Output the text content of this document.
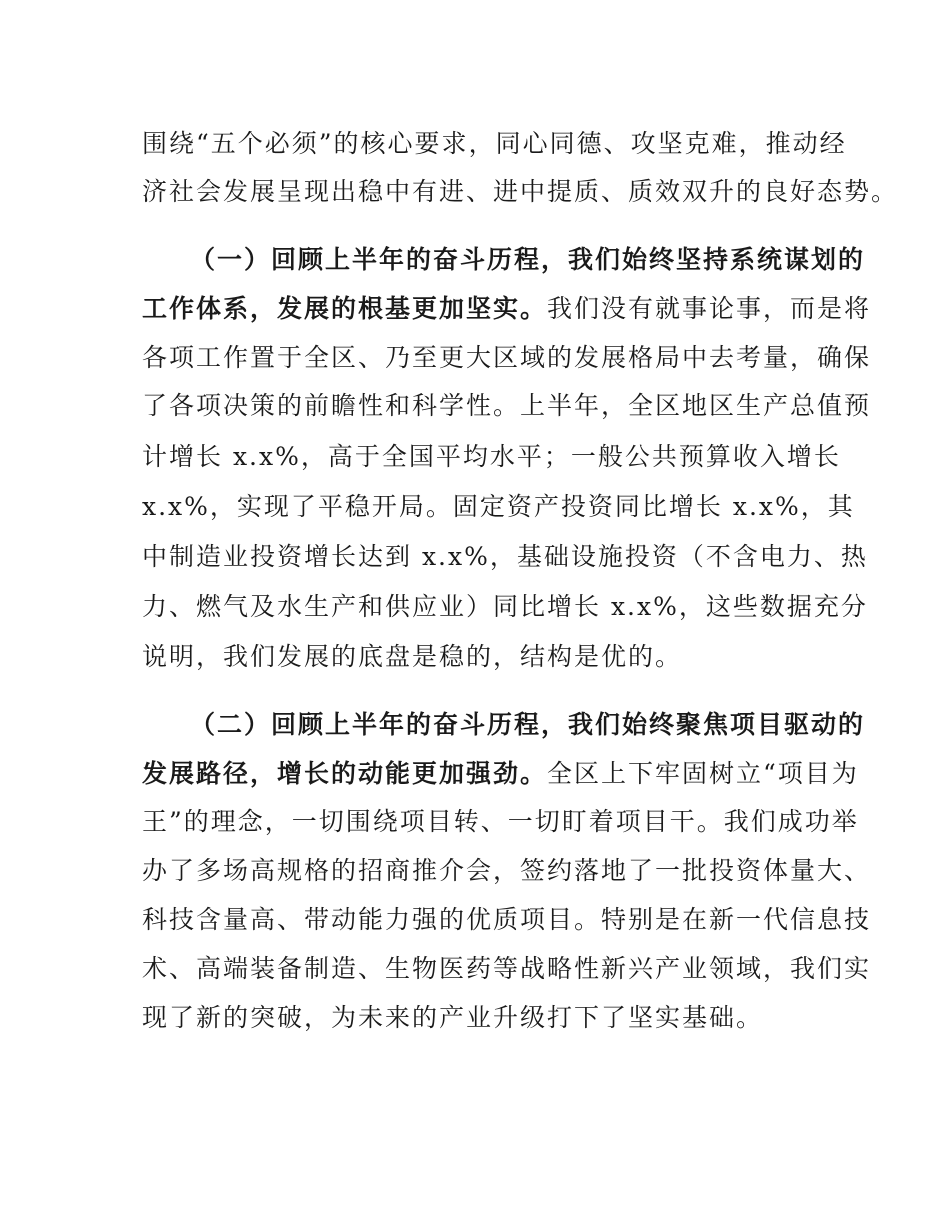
围绕“五个必须”的核心要求，同心同德、攻坚克难，推动经
济社会发展呈现出稳中有进、进中提质、质效双升的良好态势。
（一）回顾上半年的奋斗历程，我们始终坚持系统谋划的
工作体系，发展的根基更加坚实。我们没有就事论事，而是将
各项工作置于全区、乃至更大区域的发展格局中去考量，确保
了各项决策的前瞻性和科学性。上半年，全区地区生产总值预
计增长 x.x%，高于全国平均水平；一般公共预算收入增长
x.x%，实现了平稳开局。固定资产投资同比增长 x.x%，其
中制造业投资增长达到 x.x%，基础设施投资（不含电力、热
力、燃气及水生产和供应业）同比增长 x.x%，这些数据充分
说明，我们发展的底盘是稳的，结构是优的。
（二）回顾上半年的奋斗历程，我们始终聚焦项目驱动的
发展路径，增长的动能更加强劲。全区上下牢固树立“项目为
王”的理念，一切围绕项目转、一切盯着项目干。我们成功举
办了多场高规格的招商推介会，签约落地了一批投资体量大、
科技含量高、带动能力强的优质项目。特别是在新一代信息技
术、高端装备制造、生物医药等战略性新兴产业领域，我们实
现了新的突破，为未来的产业升级打下了坚实基础。
